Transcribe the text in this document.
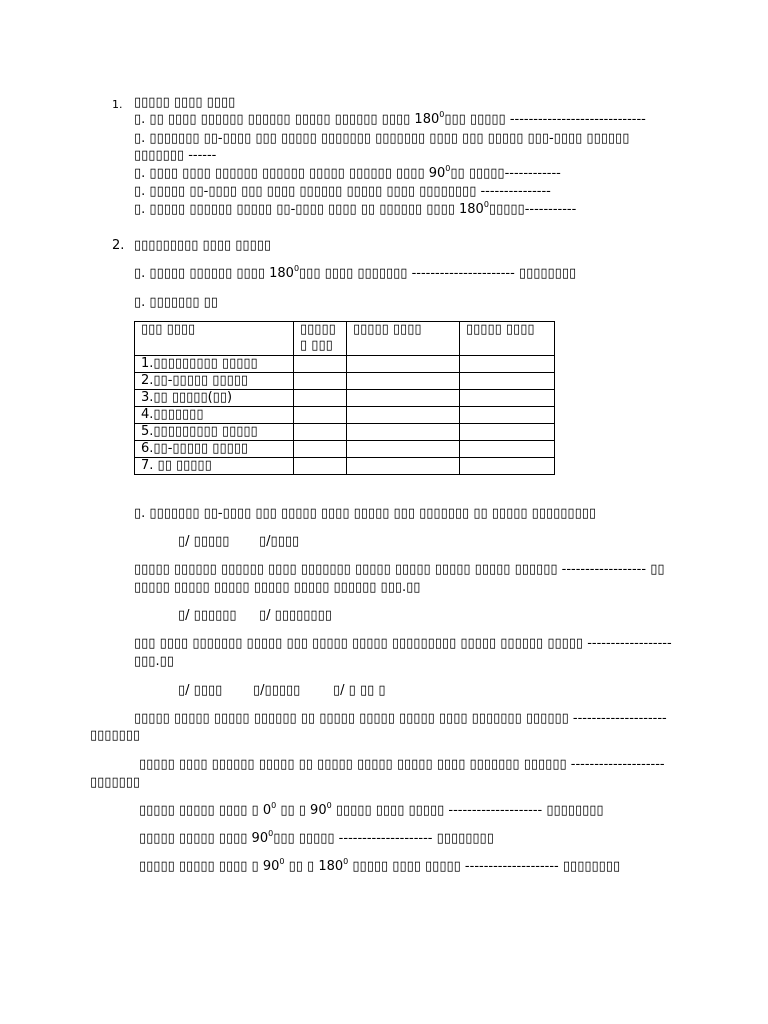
1. ▯▯▯▯▯ ▯▯▯▯ ▯▯▯▯
▯. ▯▯ ▯▯▯▯ ▯▯▯▯▯▯ ▯▯▯▯▯▯ ▯▯▯▯▯ ▯▯▯▯▯▯ ▯▯▯▯ $180^0▯▯▯$ ▯▯▯▯▯ -----------------------------
▯. ▯▯▯▯▯▯▯ ▯▯-▯▯▯▯ ▯▯▯ ▯▯▯▯▯ ▯▯▯▯▯▯▯ ▯▯▯▯▯▯▯ ▯▯▯▯ ▯▯▯ ▯▯▯▯▯ ▯▯▯-▯▯▯▯ ▯▯▯▯▯▯
▯▯▯▯▯▯▯ ------
▯. ▯▯▯▯ ▯▯▯▯ ▯▯▯▯▯▯ ▯▯▯▯▯▯ ▯▯▯▯▯ ▯▯▯▯▯▯ ▯▯▯▯ $90^0▯▯$ ▯▯▯▯▯------------
▯. ▯▯▯▯▯ ▯▯-▯▯▯▯ ▯▯▯ ▯▯▯▯ ▯▯▯▯▯▯ ▯▯▯▯▯ ▯▯▯▯ ▯▯▯▯▯▯▯▯ ---------------
▯. ▯▯▯▯▯ ▯▯▯▯▯▯ ▯▯▯▯▯ ▯▯-▯▯▯▯ ▯▯▯▯ ▯▯ ▯▯▯▯▯▯ ▯▯▯▯ $180^0▯▯▯▯▯-----------$
2. ▯▯▯▯▯▯▯▯▯ ▯▯▯▯ ▯▯▯▯▯
▯. ▯▯▯▯▯ ▯▯▯▯▯▯ ▯▯▯▯ $180^0▯▯▯$ ▯▯▯▯ ▯▯▯▯▯▯▯ ---------------------- ▯▯▯▯▯▯▯▯
▯. ▯▯▯▯▯▯▯ ▯▯
▯▯▯ ▯▯▯▯	▯▯▯▯▯ ▯ ▯▯▯	▯▯▯▯▯ ▯▯▯▯	▯▯▯▯▯ ▯▯▯▯
1.▯▯▯▯▯▯▯▯▯ ▯▯▯▯▯			
2.▯▯-▯▯▯▯▯ ▯▯▯▯▯			
3.▯▯ ▯▯▯▯▯(▯▯)			
4.▯▯▯▯▯▯▯			
5.▯▯▯▯▯▯▯▯▯ ▯▯▯▯▯			
6.▯▯-▯▯▯▯▯ ▯▯▯▯▯			
7. ▯▯ ▯▯▯▯▯			
▯. ▯▯▯▯▯▯▯ ▯▯-▯▯▯▯ ▯▯▯ ▯▯▯▯▯ ▯▯▯▯ ▯▯▯▯▯ ▯▯▯ ▯▯▯▯▯▯▯ ▯▯ ▯▯▯▯▯ ▯▯▯▯▯▯▯▯▯
▯/ ▯▯▯▯▯ ▯/▯▯▯▯
▯▯▯▯▯ ▯▯▯▯▯▯ ▯▯▯▯▯▯ ▯▯▯▯ ▯▯▯▯▯▯▯ ▯▯▯▯▯ ▯▯▯▯▯ ▯▯▯▯▯ ▯▯▯▯▯ ▯▯▯▯▯▯ ------------------ ▯▯
▯▯▯▯▯ ▯▯▯▯▯ ▯▯▯▯▯ ▯▯▯▯▯ ▯▯▯▯▯ ▯▯▯▯▯▯ ▯▯▯.▯▯
▯/ ▯▯▯▯▯▯ ▯/ ▯▯▯▯▯▯▯▯
▯▯▯ ▯▯▯▯ ▯▯▯▯▯▯▯ ▯▯▯▯▯ ▯▯▯ ▯▯▯▯▯ ▯▯▯▯▯ ▯▯▯▯▯▯▯▯▯ ▯▯▯▯▯ ▯▯▯▯▯▯ ▯▯▯▯▯ ------------------
▯▯▯.▯▯
▯/ ▯▯▯▯ ▯/▯▯▯▯▯	▯/ ▯ ▯▯ ▯
▯▯▯▯▯ ▯▯▯▯▯ ▯▯▯▯▯ ▯▯▯▯▯▯ ▯▯ ▯▯▯▯▯ ▯▯▯▯▯ ▯▯▯▯▯ ▯▯▯▯ ▯▯▯▯▯▯▯ ▯▯▯▯▯▯ --------------------
▯▯▯▯▯▯▯
▯▯▯▯▯ ▯▯▯▯ ▯▯▯▯▯▯ ▯▯▯▯▯ ▯▯ ▯▯▯▯▯ ▯▯▯▯▯ ▯▯▯▯▯ ▯▯▯▯ ▯▯▯▯▯▯▯ ▯▯▯▯▯▯ --------------------
▯▯▯▯▯▯▯
▯▯▯▯▯ ▯▯▯▯▯ ▯▯▯▯ ▯ $0^0$ ▯▯ ▯ $90^0$ ▯▯▯▯▯ ▯▯▯▯ ▯▯▯▯▯ -------------------- ▯▯▯▯▯▯▯▯
▯▯▯▯▯ ▯▯▯▯▯ ▯▯▯▯ $90^0▯▯▯$ ▯▯▯▯▯ -------------------- ▯▯▯▯▯▯▯▯
▯▯▯▯▯ ▯▯▯▯▯ ▯▯▯▯ ▯ $90^0$ ▯▯ ▯ $180^0$ ▯▯▯▯▯ ▯▯▯▯ ▯▯▯▯▯ -------------------- ▯▯▯▯▯▯▯▯
